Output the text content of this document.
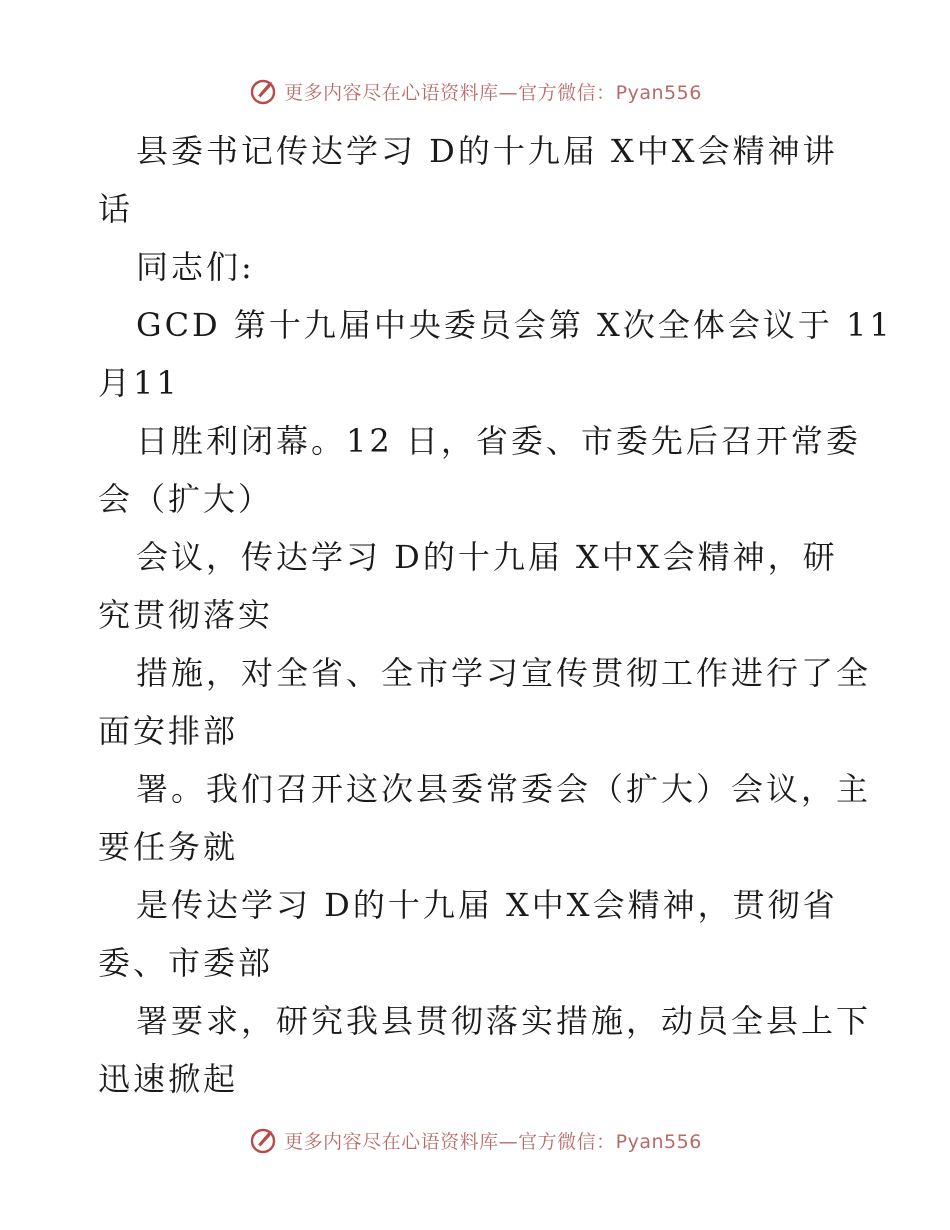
更多内容尽在心语资料库—官方微信：Pyan556
县委书记传达学习 D的十九届 X中X会精神讲
话
同志们:
GCD 第十九届中央委员会第 X次全体会议于 11
月11
日胜利闭幕。12 日，省委、市委先后召开常委
会（扩大）
会议，传达学习 D的十九届 X中X会精神，研
究贯彻落实
措施，对全省、全市学习宣传贯彻工作进行了全
面安排部
署。我们召开这次县委常委会（扩大）会议，主
要任务就
是传达学习 D的十九届 X中X会精神，贯彻省
委、市委部
署要求，研究我县贯彻落实措施，动员全县上下
迅速掀起
更多内容尽在心语资料库—官方微信：Pyan556
